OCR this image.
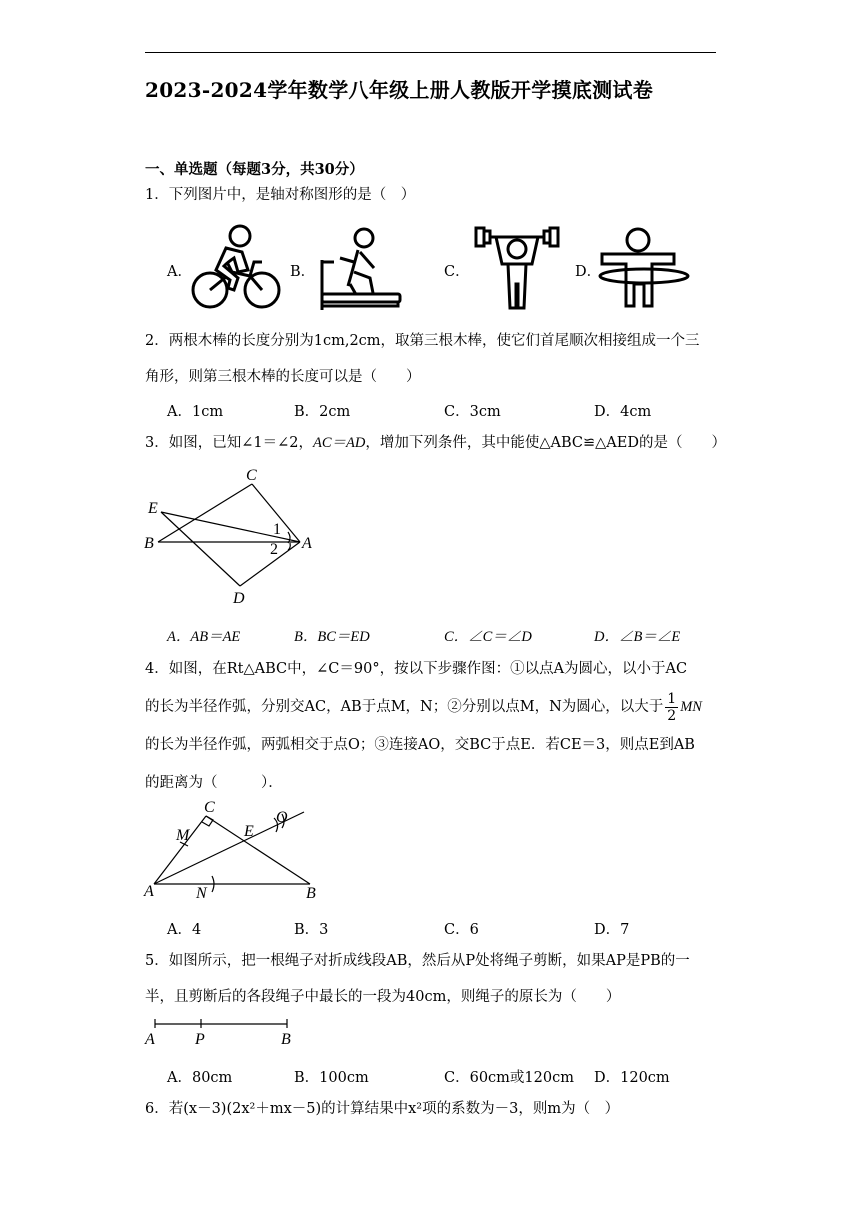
2023-2024学年数学八年级上册人教版开学摸底测试卷
一、单选题（每题3分，共30分）
1．下列图片中，是轴对称图形的是（　）
A．	B．	C．	D．
2．两根木棒的长度分别为1cm,2cm，取第三根木棒，使它们首尾顺次相接组成一个三
角形，则第三根木棒的长度可以是（　　）
A．1cm	B．2cm	C．3cm	D．4cm
3．如图，已知∠1＝∠2，AC＝AD，增加下列条件，其中能使△ABC≌△AED的是（　　）
C
E
1
B	2 A
D
A．AB＝AE	B．BC＝ED	C．∠C＝∠D	D．∠B＝∠E
4．如图，在Rt△ABC中，∠C＝90°，按以下步骤作图：①以点A为圆心，以小于AC
的长为半径作弧，分别交AC，AB于点M，N；②分别以点M，N为圆心，以大于 $\frac{1}{2}$ MN
的长为半径作弧，两弧相交于点O；③连接AO，交BC于点E．若CE＝3，则点E到AB
的距离为（　　　）．
C
M	E
O
A	N	B
A．4	B．3	C．6	D．7
5．如图所示，把一根绳子对折成线段AB，然后从P处将绳子剪断，如果AP是PB的一
半，且剪断后的各段绳子中最长的一段为40cm，则绳子的原长为（　　）
A	P	B
A．80cm	B．100cm	C．60cm或120cm D．120cm
6．若(x－3)(2x²＋mx－5)的计算结果中x²项的系数为－3，则m为（　）
